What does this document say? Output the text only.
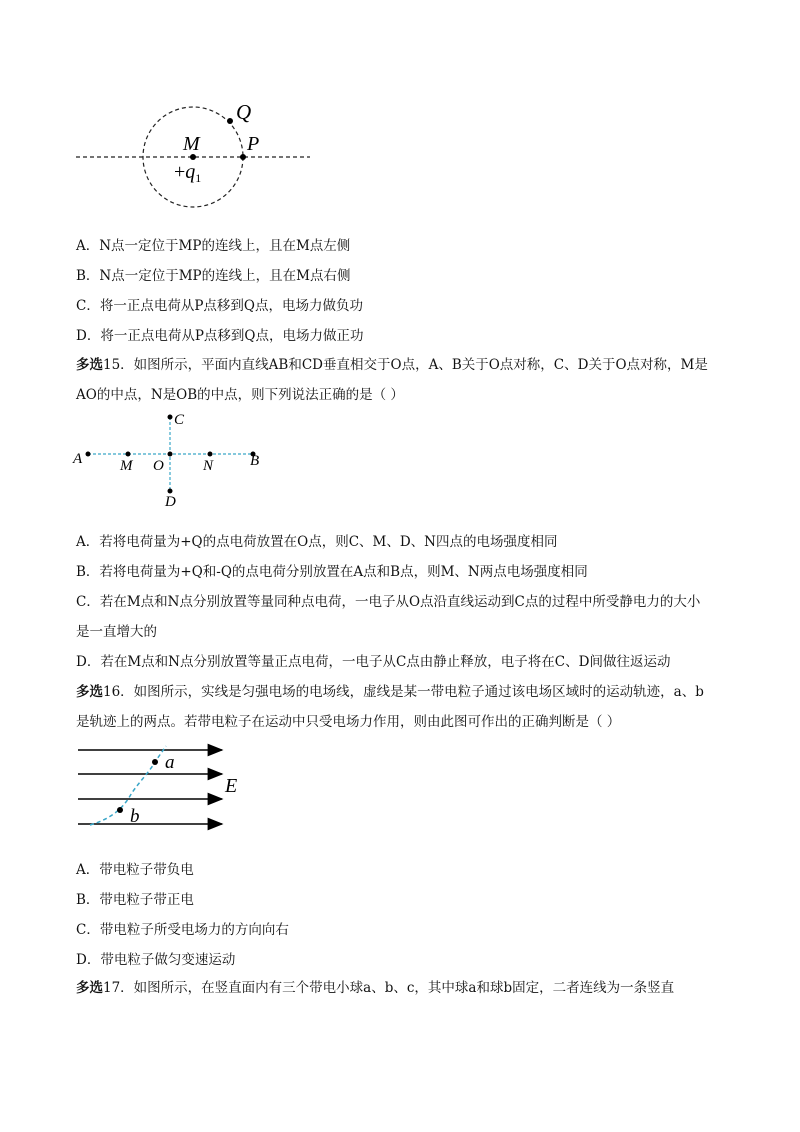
Q
M P
$+q_1$
A．N点一定位于MP的连线上，且在M点左侧
B．N点一定位于MP的连线上，且在M点右侧
C．将一正点电荷从P点移到Q点，电场力做负功
D．将一正点电荷从P点移到Q点，电场力做正功
多选15．如图所示，平面内直线AB和CD垂直相交于O点，A、B关于O点对称，C、D关于O点对称，M是
AO的中点，N是OB的中点，则下列说法正确的是（ ）
A	M O	N B
C
D
A．若将电荷量为+Q的点电荷放置在O点，则C、M、D、N四点的电场强度相同
B．若将电荷量为+Q和-Q的点电荷分别放置在A点和B点，则M、N两点电场强度相同
C．若在M点和N点分别放置等量同种点电荷，一电子从O点沿直线运动到C点的过程中所受静电力的大小
是一直增大的
D．若在M点和N点分别放置等量正点电荷，一电子从C点由静止释放，电子将在C、D间做往返运动
多选16．如图所示，实线是匀强电场的电场线，虚线是某一带电粒子通过该电场区域时的运动轨迹，a、b
是轨迹上的两点。若带电粒子在运动中只受电场力作用，则由此图可作出的正确判断是（ ）
a
b
E
A．带电粒子带负电
B．带电粒子带正电
C．带电粒子所受电场力的方向向右
D．带电粒子做匀变速运动
多选17．如图所示，在竖直面内有三个带电小球a、b、c，其中球a和球b固定，二者连线为一条竖直
